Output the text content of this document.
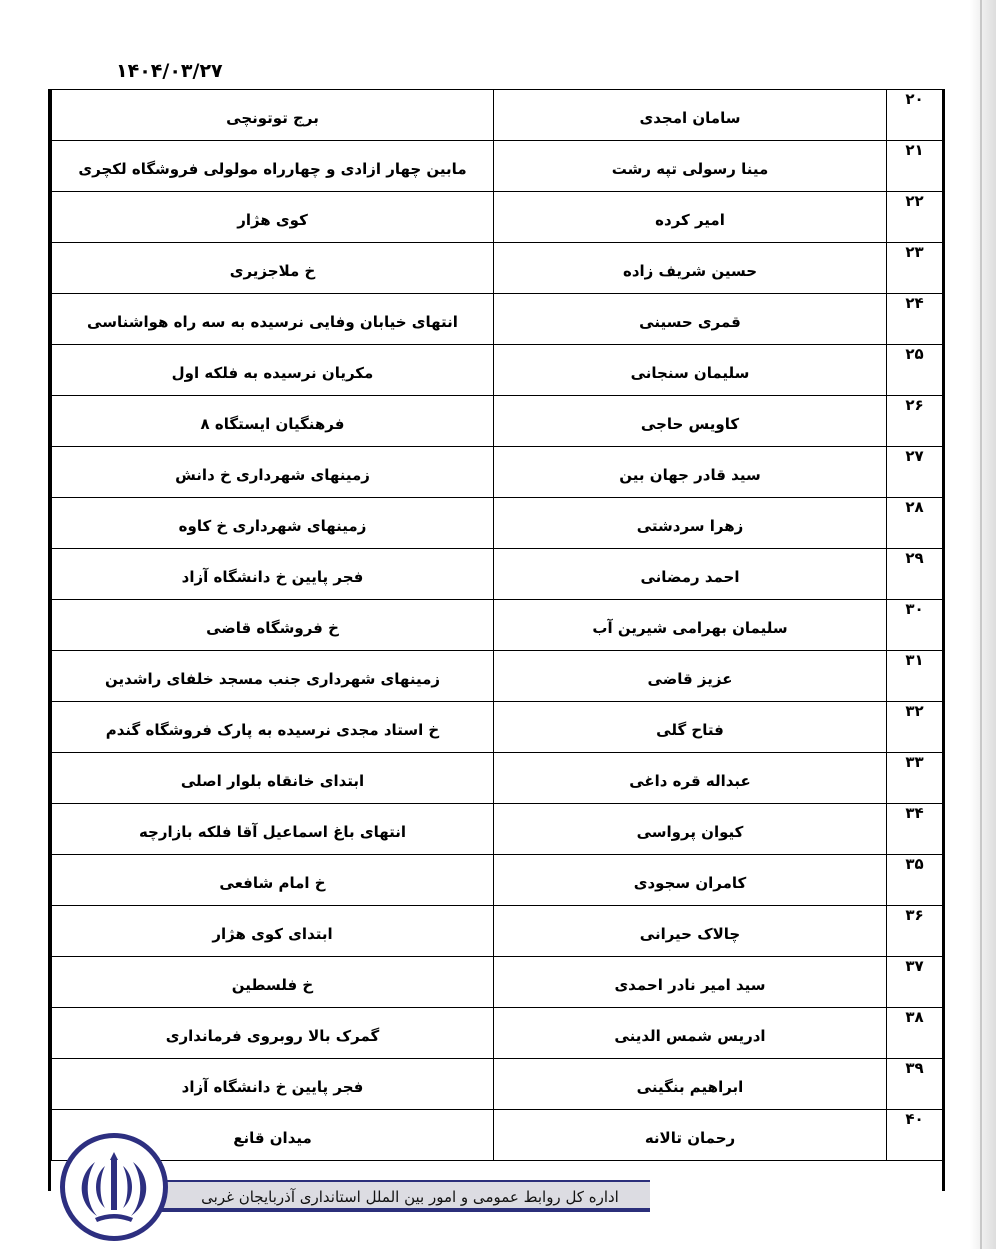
۱۴۰۴/۰۳/۲۷
برج توتونچی	سامان امجدی	۲۰
مابین چهار ازادی و چهارراه مولولی فروشگاه لکچری	مینا رسولی تپه رشت	۲۱
کوی هژار	امیر کرده	۲۲
خ ملاجزیری	حسین شریف زاده	۲۳
انتهای خیابان وفایی نرسیده به سه راه هواشناسی	قمری حسینی	۲۴
مکریان نرسیده به فلکه اول	سلیمان سنجانی	۲۵
فرهنگیان ایستگاه ۸	کاویس حاجی	۲۶
زمینهای شهرداری خ دانش	سید قادر جهان بین	۲۷
زمینهای شهرداری خ کاوه	زهرا سردشتی	۲۸
فجر پایین خ دانشگاه آزاد	احمد رمضانی	۲۹
خ فروشگاه قاضی	سلیمان بهرامی شیرین آب	۳۰
زمینهای شهرداری جنب مسجد خلفای راشدین	عزیز قاضی	۳۱
خ استاد مجدی نرسیده به پارک فروشگاه گندم	فتاح گلی	۳۲
ابتدای خانقاه بلوار اصلی	عبداله قره داغی	۳۳
انتهای باغ اسماعیل آقا فلکه بازارچه	کیوان پرواسی	۳۴
خ امام شافعی	کامران سجودی	۳۵
ابتدای کوی هژار	چالاک حیرانی	۳۶
خ فلسطین	سید امیر نادر احمدی	۳۷
گمرک بالا روبروی فرمانداری	ادریس شمس الدینی	۳۸
فجر پایین خ دانشگاه آزاد	ابراهیم بنگینی	۳۹
میدان قانع	رحمان تالانه	۴۰
اداره کل روابط عمومی و امور بین الملل استانداری آذربایجان غربی
